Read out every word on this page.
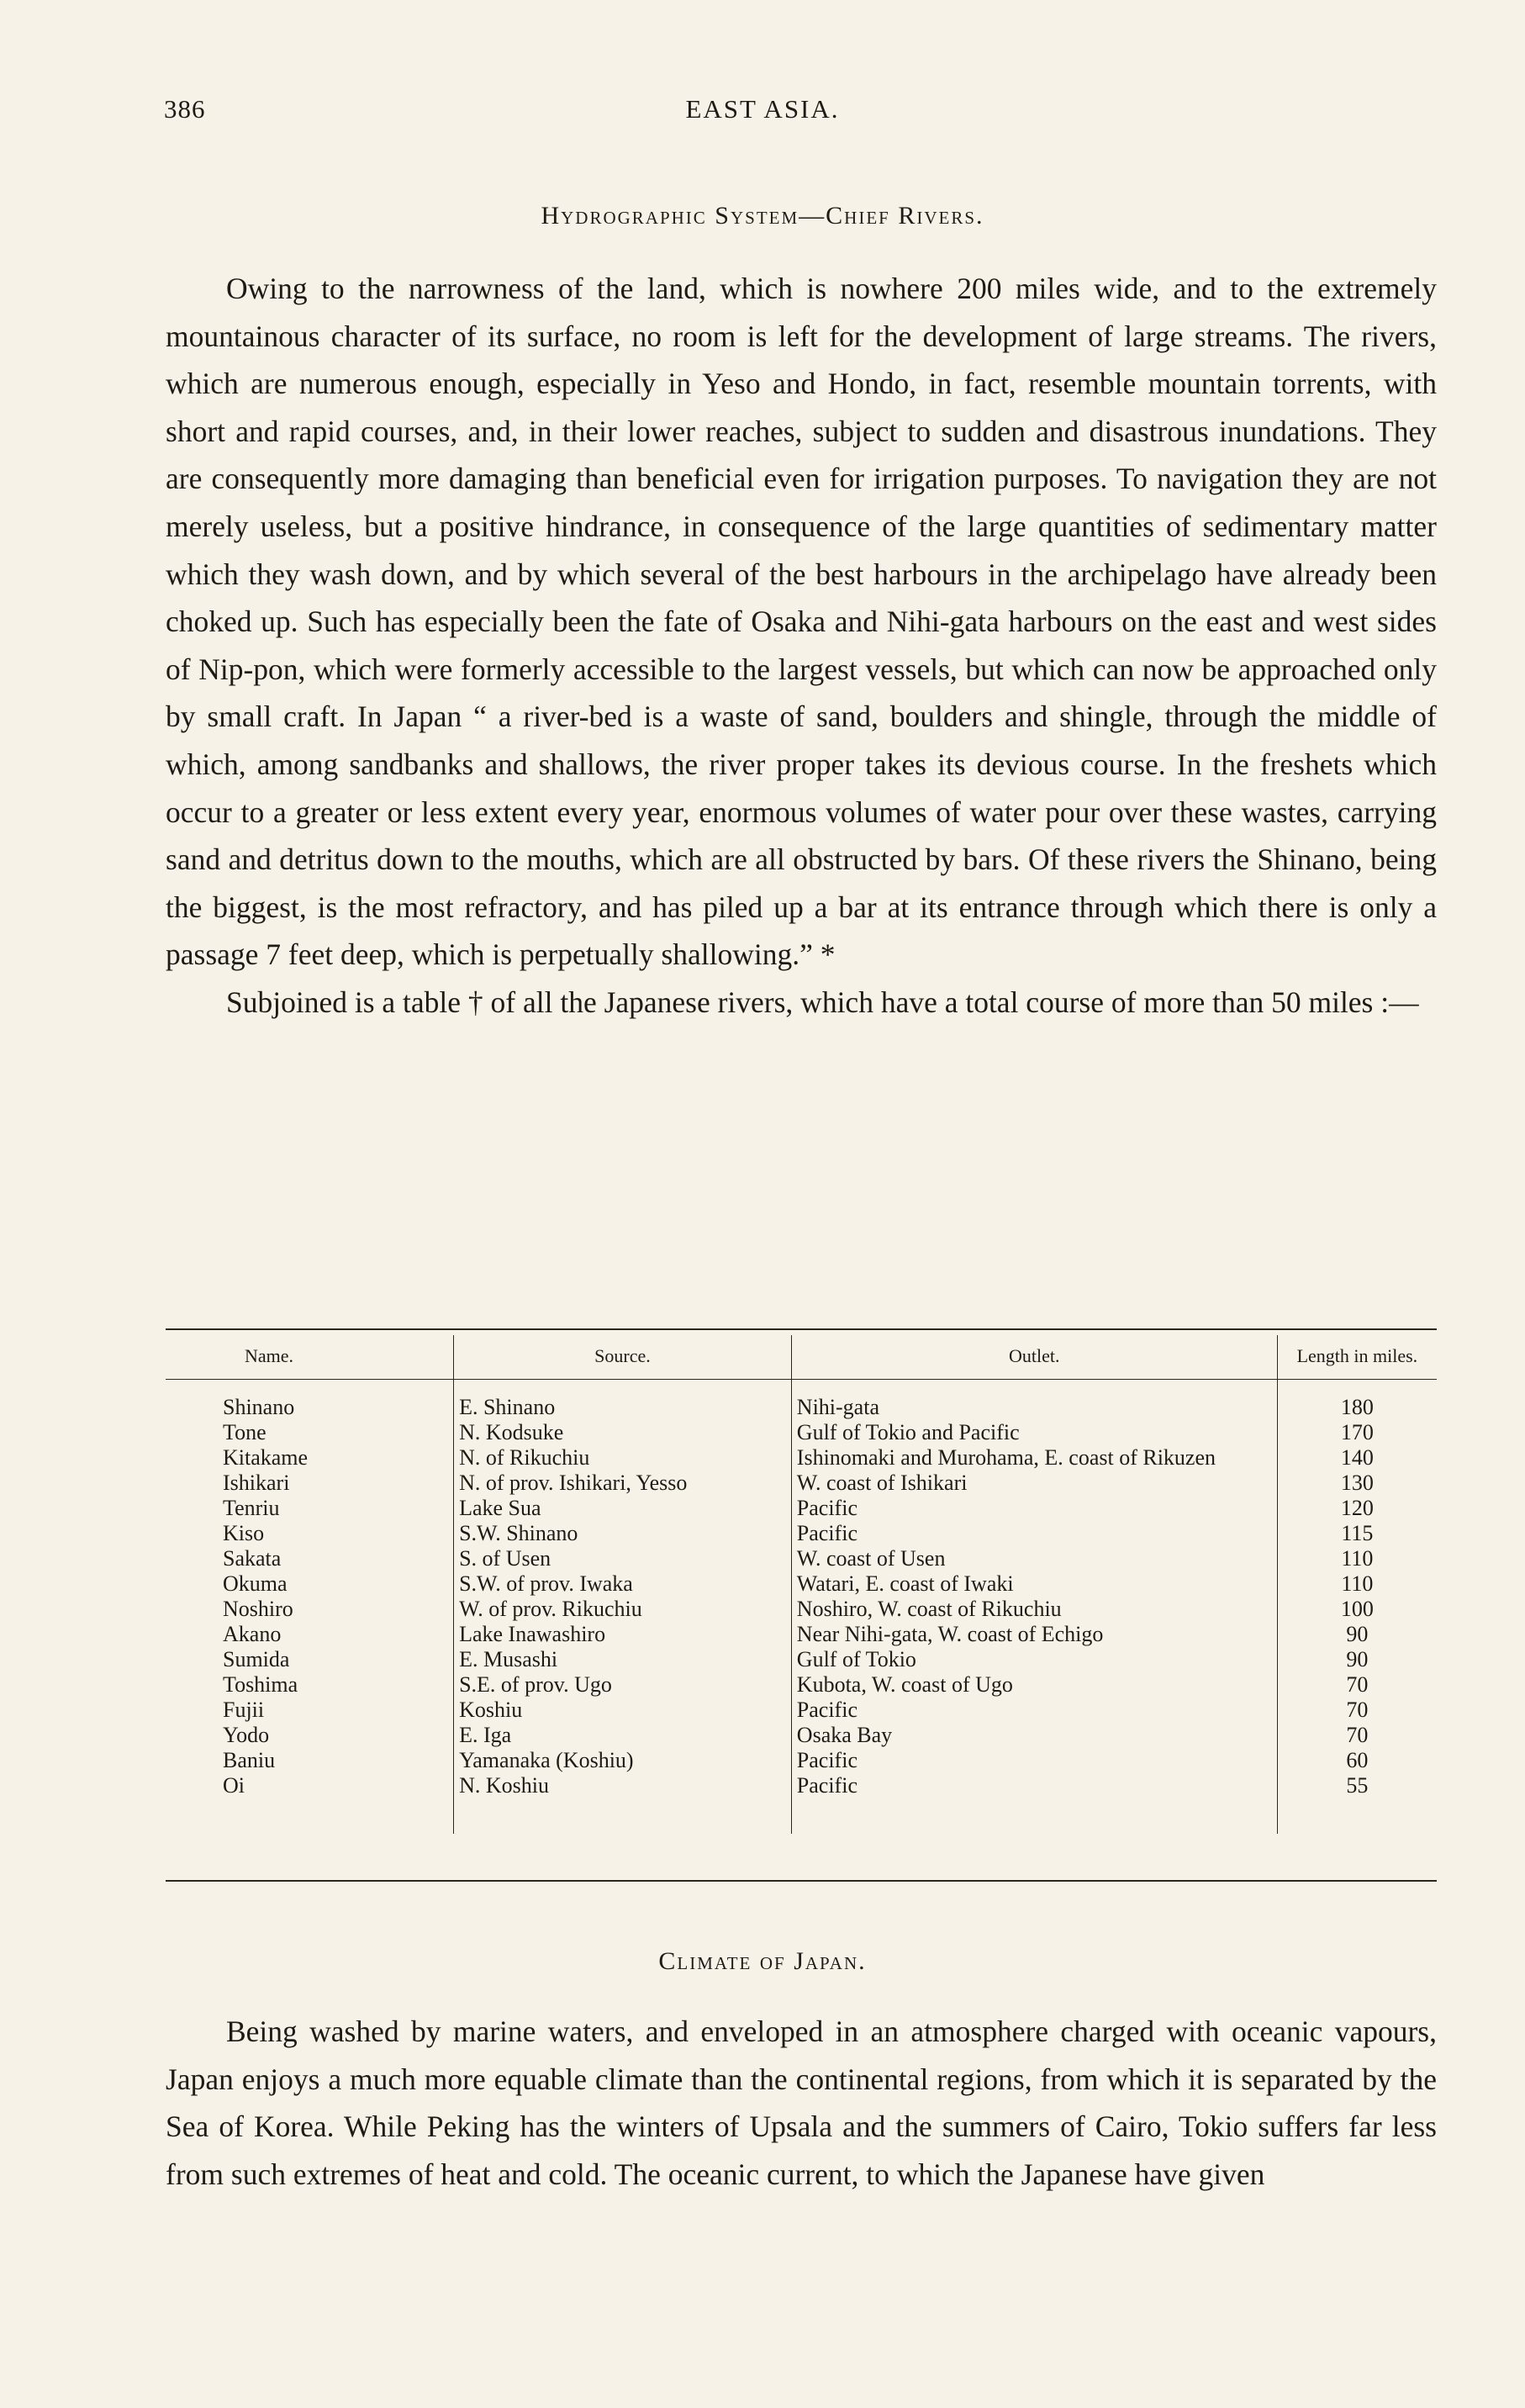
386	EAST ASIA.
Hydrographic System—Chief Rivers.

Owing to the narrowness of the land, which is nowhere 200 miles wide, and to the extremely mountainous character of its surface, no room is left for the development of large streams. The rivers, which are numerous enough, especially in Yeso and Hondo, in fact, resemble mountain torrents, with short and rapid courses, and, in their lower reaches, subject to sudden and disastrous inundations. They are consequently more damaging than beneficial even for irrigation purposes. To navigation they are not merely useless, but a positive hindrance, in consequence of the large quantities of sedimentary matter which they wash down, and by which several of the best harbours in the archipelago have already been choked up. Such has especially been the fate of Osaka and Nihi-gata harbours on the east and west sides of Nip-pon, which were formerly accessible to the largest vessels, but which can now be approached only by small craft. In Japan “ a river-bed is a waste of sand, boulders and shingle, through the middle of which, among sandbanks and shallows, the river proper takes its devious course. In the freshets which occur to a greater or less extent every year, enormous volumes of water pour over these wastes, carrying sand and detritus down to the mouths, which are all obstructed by bars. Of these rivers the Shinano, being the biggest, is the most refractory, and has piled up a bar at its entrance through which there is only a passage 7 feet deep, which is perpetually shallowing.” *

Subjoined is a table † of all the Japanese rivers, which have a total course of more than 50 miles :—

Name.	Source.	Outlet.	Length in miles.
Shinano	E. Shinano	Nihi-gata	180
Tone	N. Kodsuke	Gulf of Tokio and Pacific	170
Kitakame	N. of Rikuchiu	Ishinomaki and Murohama, E. coast of Rikuzen	140
Ishikari	N. of prov. Ishikari, Yesso	W. coast of Ishikari	130
Tenriu	Lake Sua	Pacific	120
Kiso	S.W. Shinano	Pacific	115
Sakata	S. of Usen	W. coast of Usen	110
Okuma	S.W. of prov. Iwaka	Watari, E. coast of Iwaki	110
Noshiro	W. of prov. Rikuchiu	Noshiro, W. coast of Rikuchiu	100
Akano	Lake Inawashiro	Near Nihi-gata, W. coast of Echigo	90
Sumida	E. Musashi	Gulf of Tokio	90
Toshima	S.E. of prov. Ugo	Kubota, W. coast of Ugo	70
Fujii	Koshiu	Pacific	70
Yodo	E. Iga	Osaka Bay	70
Baniu	Yamanaka (Koshiu)	Pacific	60
Oi	N. Koshiu	Pacific	55
Climate of Japan.

Being washed by marine waters, and enveloped in an atmosphere charged with oceanic vapours, Japan enjoys a much more equable climate than the continental regions, from which it is separated by the Sea of Korea. While Peking has the winters of Upsala and the summers of Cairo, Tokio suffers far less from such extremes of heat and cold. The oceanic current, to which the Japanese have given
